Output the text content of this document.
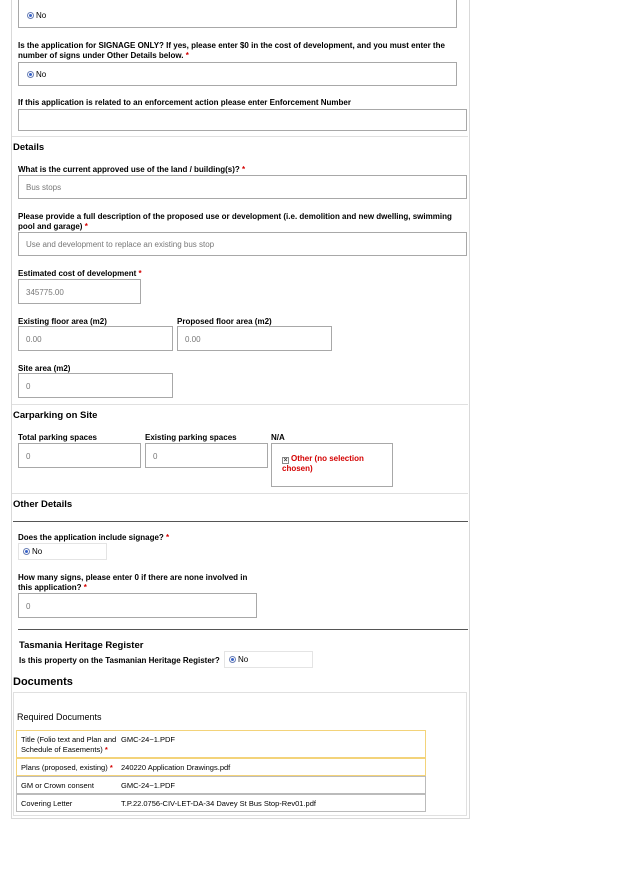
No
Is the application for SIGNAGE ONLY? If yes, please enter $0 in the cost of development, and you must enter the
number of signs under Other Details below. *
No
If this application is related to an enforcement action please enter Enforcement Number
Details
What is the current approved use of the land / building(s)? *
Bus stops
Please provide a full description of the proposed use or development (i.e. demolition and new dwelling, swimming
pool and garage) *
Use and development to replace an existing bus stop
Estimated cost of development *
345775.00
Existing floor area (m2)
0.00
Proposed floor area (m2)
0.00
Site area (m2)
0
Carparking on Site
Total parking spaces
0
Existing parking spaces
0
N/A
× Other (no selection
chosen)
Other Details
Does the application include signage? *
No
How many signs, please enter 0 if there are none involved in
this application? *
0
Tasmania Heritage Register
Is this property on the Tasmanian Heritage Register?	No
Documents
Required Documents
Title (Folio text and Plan and
Schedule of Easements) *
GMC-24~1.PDF
Plans (proposed, existing) * 240220 Application Drawings.pdf
GM or Crown consent	GMC-24~1.PDF
Covering Letter	T.P.22.0756-CIV-LET-DA-34 Davey St Bus Stop-Rev01.pdf
